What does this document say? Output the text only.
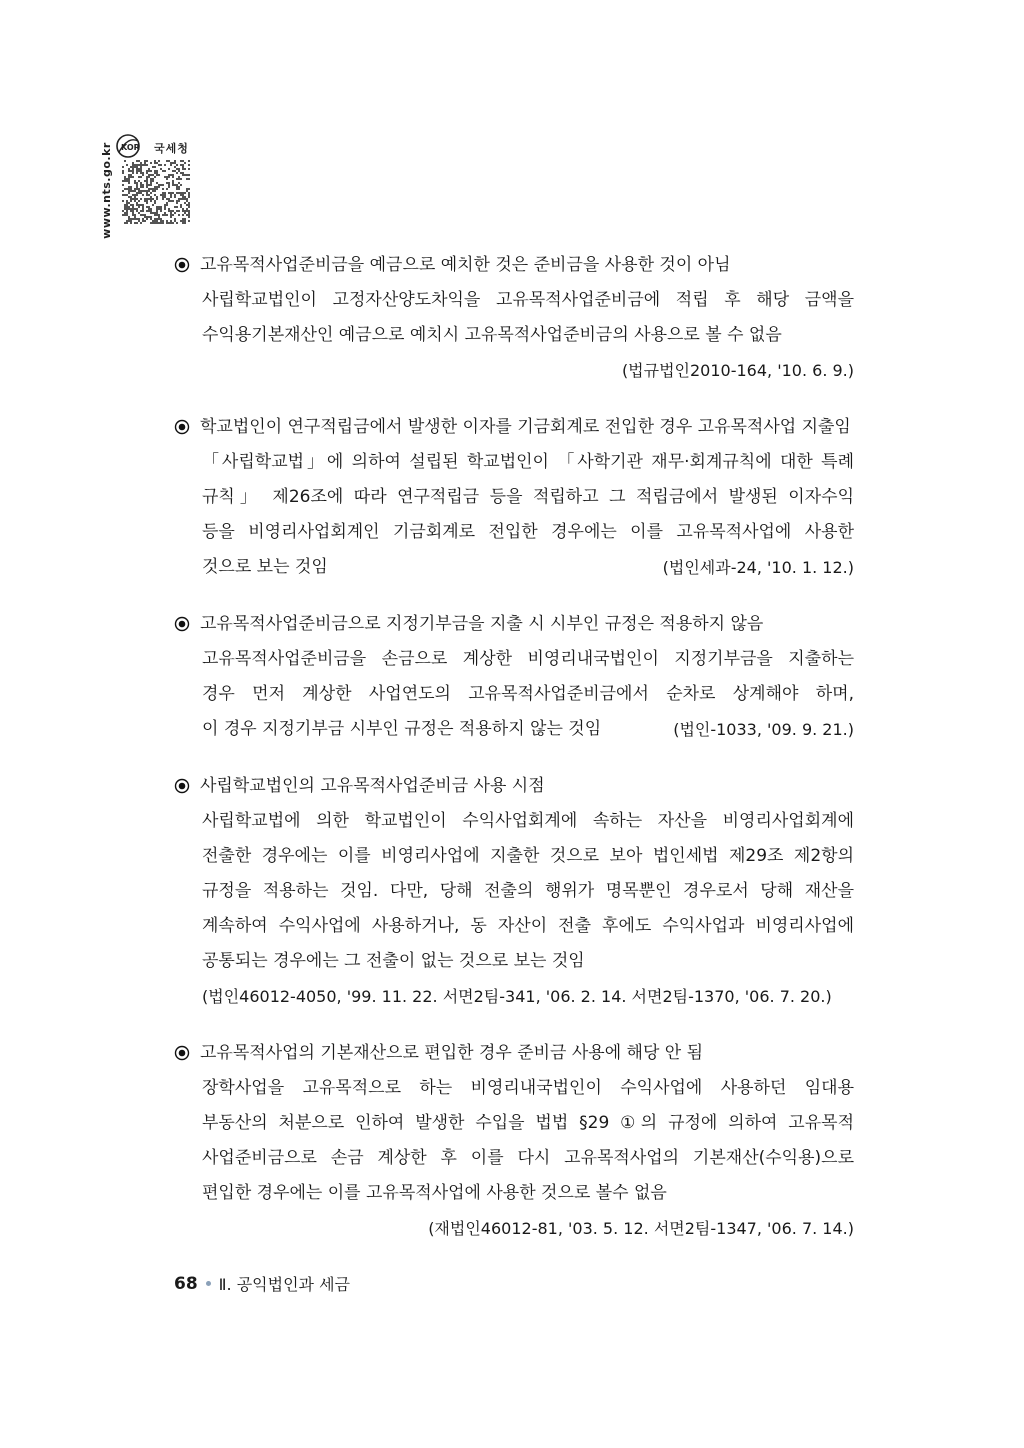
www.nts.go.kr KOR 국세청
고유목적사업준비금을 예금으로 예치한 것은 준비금을 사용한 것이 아님
사립학교법인이 고정자산양도차익을 고유목적사업준비금에 적립 후 해당 금액을
수익용기본재산인 예금으로 예치시 고유목적사업준비금의 사용으로 볼 수 없음
(법규법인2010-164, '10. 6. 9.)
학교법인이 연구적립금에서 발생한 이자를 기금회계로 전입한 경우 고유목적사업 지출임
「사립학교법」에 의하여 설립된 학교법인이 「사학기관 재무·회계규칙에 대한 특례
규칙」 제26조에 따라 연구적립금 등을 적립하고 그 적립금에서 발생된 이자수익
등을 비영리사업회계인 기금회계로 전입한 경우에는 이를 고유목적사업에 사용한
것으로 보는 것임	(법인세과-24, '10. 1. 12.)
고유목적사업준비금으로 지정기부금을 지출 시 시부인 규정은 적용하지 않음
고유목적사업준비금을 손금으로 계상한 비영리내국법인이 지정기부금을 지출하는
경우 먼저 계상한 사업연도의 고유목적사업준비금에서 순차로 상계해야 하며,
이 경우 지정기부금 시부인 규정은 적용하지 않는 것임	(법인-1033, '09. 9. 21.)
사립학교법인의 고유목적사업준비금 사용 시점
사립학교법에 의한 학교법인이 수익사업회계에 속하는 자산을 비영리사업회계에
전출한 경우에는 이를 비영리사업에 지출한 것으로 보아 법인세법 제29조 제2항의
규정을 적용하는 것임. 다만, 당해 전출의 행위가 명목뿐인 경우로서 당해 재산을
계속하여 수익사업에 사용하거나, 동 자산이 전출 후에도 수익사업과 비영리사업에
공통되는 경우에는 그 전출이 없는 것으로 보는 것임
(법인46012-4050, '99. 11. 22. 서면2팀-341, '06. 2. 14. 서면2팀-1370, '06. 7. 20.)
고유목적사업의 기본재산으로 편입한 경우 준비금 사용에 해당 안 됨
장학사업을 고유목적으로 하는 비영리내국법인이 수익사업에 사용하던 임대용
부동산의 처분으로 인하여 발생한 수입을 법법 §29 ①의 규정에 의하여 고유목적
사업준비금으로 손금 계상한 후 이를 다시 고유목적사업의 기본재산(수익용)으로
편입한 경우에는 이를 고유목적사업에 사용한 것으로 볼수 없음
(재법인46012-81, '03. 5. 12. 서면2팀-1347, '06. 7. 14.)
68 Ⅱ. 공익법인과 세금
